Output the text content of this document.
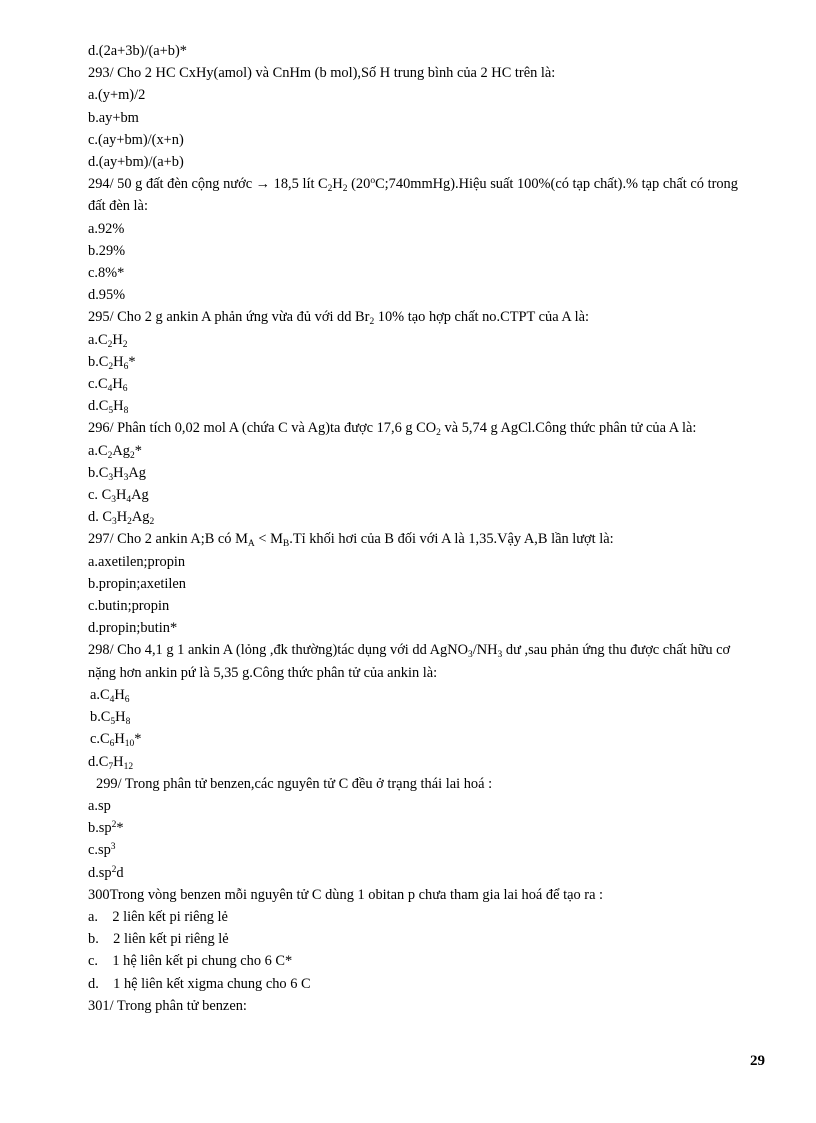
d.(2a+3b)/(a+b)*
293/ Cho 2 HC CxHy(amol) và CnHm (b mol),Số H trung bình của 2 HC trên là:
a.(y+m)/2
b.ay+bm
c.(ay+bm)/(x+n)
d.(ay+bm)/(a+b)
294/ 50 g đất đèn cộng nước → 18,5 lít $C_2H_2$ (20$^o$C;740mmHg).Hiệu suất 100%(có tạp chất).% tạp chất có trong đất đèn là:
a.92%
b.29%
c.8%*
d.95%
295/ Cho 2 g ankin A phản ứng vừa đủ với dd $Br_2$ 10% tạo hợp chất no.CTPT của A là:
$a.C_2H_2$
$b.C_2H_6*$
$c.C_4H_6$
$d.C_5H_8$
296/ Phân tích 0,02 mol A (chứa C và Ag)ta được 17,6 g $CO_2$ và 5,74 g AgCl.Công thức phân tử của A là:
$a.C_2Ag_2*$
$b.C_3H_3Ag$
c. $C_3H_4Ag$
d. $C_3H_2Ag_2$
297/ Cho 2 ankin A;B có $M_A$ < $M_B.Tỉ$ khối hơi của B đối với A là 1,35.Vậy A,B lần lượt là:
a.axetilen;propin
b.propin;axetilen
c.butin;propin
d.propin;butin*
298/ Cho 4,1 g 1 ankin A (lỏng ,đk thường)tác dụng với dd $AgNO_3/NH_3$ dư ,sau phản ứng thu được chất hữu cơ nặng hơn ankin pứ là 5,35 g.Công thức phân tử của ankin là:
$a.C_4H_6$
$b.C_5H_8$
$c.C_6H_{10}*$
$d.C_7H_{12}$
299/ Trong phân tử benzen,các nguyên tử C đều ở trạng thái lai hoá :
a.sp
$b.sp^2*$
$c.sp^3$
$d.sp^2d$
300Trong vòng benzen mỗi nguyên tử C dùng 1 obitan p chưa tham gia lai hoá để tạo ra :
a.    2 liên kết pi riêng lẻ
b.    2 liên kết pi riêng lẻ
c.    1 hệ liên kết pi chung cho 6 C*
d.    1 hệ liên kết xigma chung cho 6 C
301/ Trong phân tử benzen:
29
